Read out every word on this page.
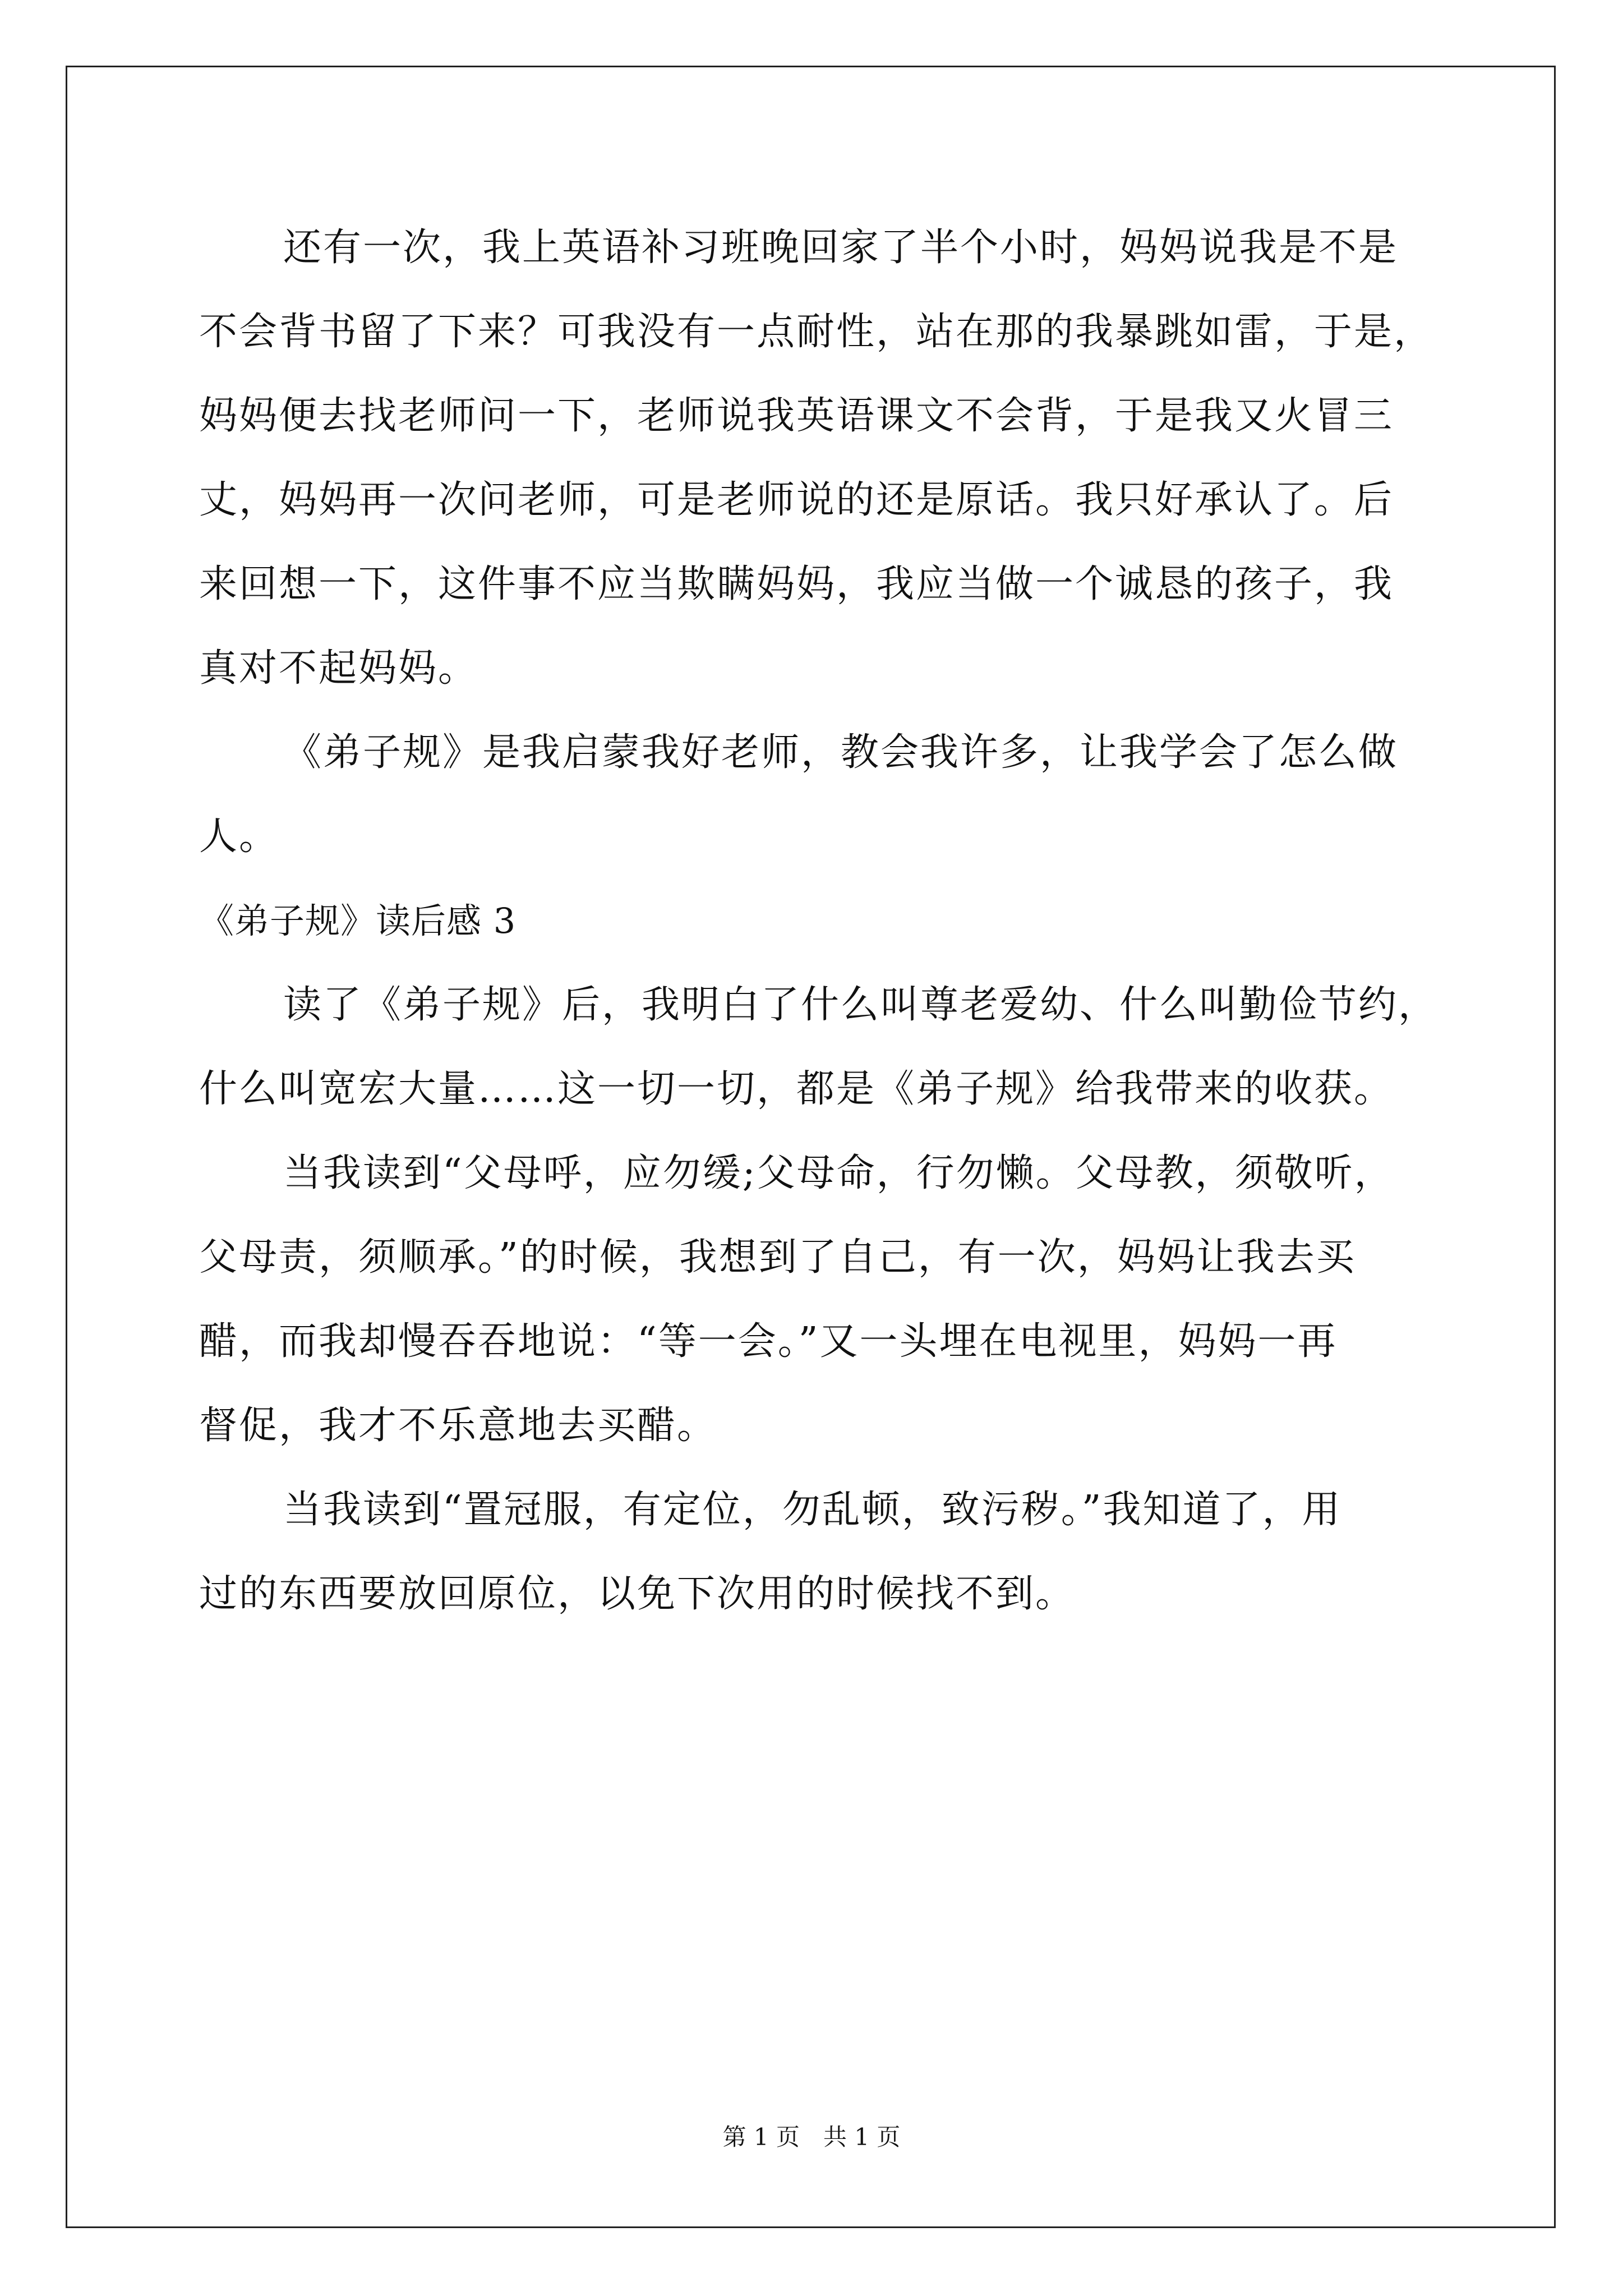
还有一次，我上英语补习班晚回家了半个小时，妈妈说我是不是
不会背书留了下来？可我没有一点耐性，站在那的我暴跳如雷，于是，
妈妈便去找老师问一下，老师说我英语课文不会背，于是我又火冒三
丈，妈妈再一次问老师，可是老师说的还是原话。我只好承认了。后
来回想一下，这件事不应当欺瞒妈妈，我应当做一个诚恳的孩子，我
真对不起妈妈。
《弟子规》是我启蒙我好老师，教会我许多，让我学会了怎么做
人。
《弟子规》读后感 3
读了《弟子规》后，我明白了什么叫尊老爱幼、什么叫勤俭节约，
什么叫宽宏大量……这一切一切，都是《弟子规》给我带来的收获。
当我读到“父母呼，应勿缓;父母命，行勿懒。父母教，须敬听，
父母责，须顺承。”的时候，我想到了自己，有一次，妈妈让我去买
醋，而我却慢吞吞地说：“等一会。”又一头埋在电视里，妈妈一再
督促，我才不乐意地去买醋。
当我读到“置冠服，有定位，勿乱顿，致污秽。”我知道了，用
过的东西要放回原位，以免下次用的时候找不到。
第 1 页　共 1 页
